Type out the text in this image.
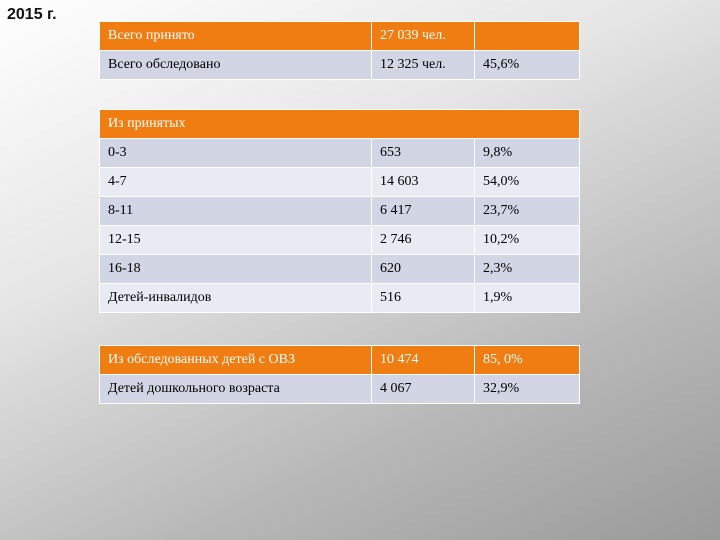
2015 г.
Всего принято	27 039 чел.	
Всего обследовано	12 325 чел.	45,6%
Из принятых		
0-3	653	9,8%
4-7	14 603	54,0%
8-11	6 417	23,7%
12-15	2 746	10,2%
16-18	620	2,3%
Детей-инвалидов	516	1,9%
Из обследованных детей с ОВЗ	10 474	85, 0%
Детей дошкольного возраста	4 067	32,9%
